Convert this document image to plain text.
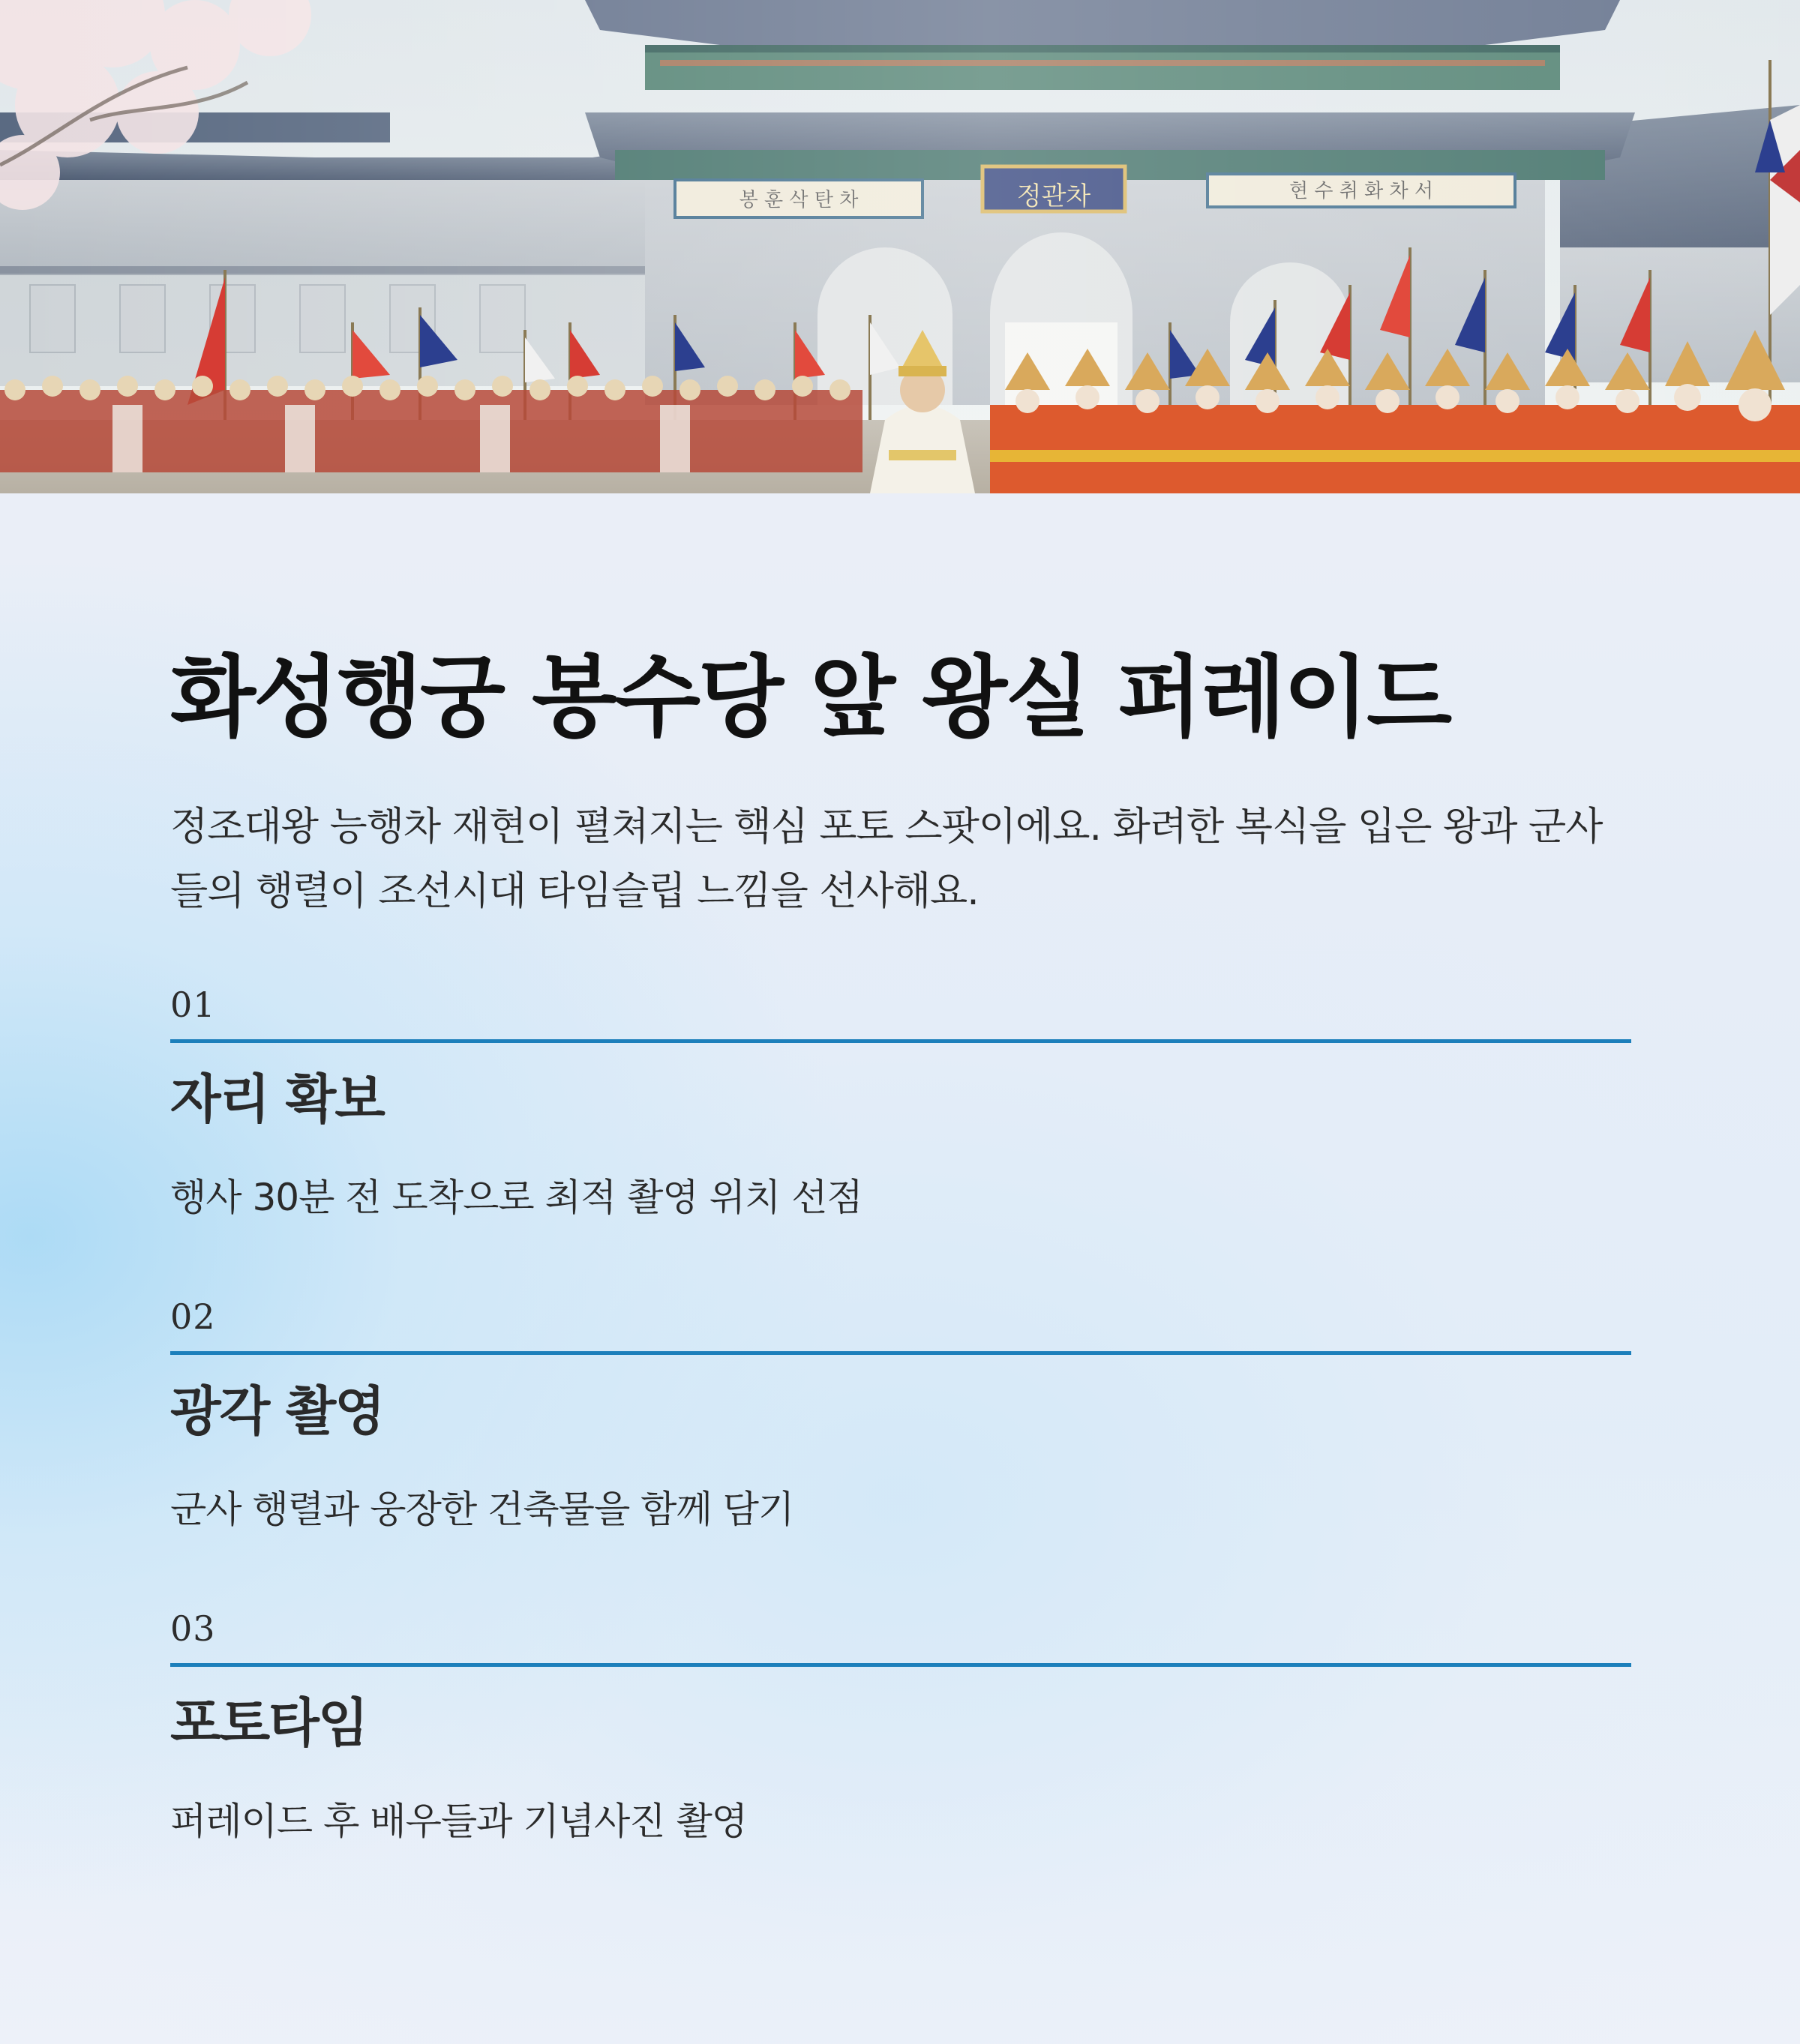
화성행궁 봉수당 앞 왕실 퍼레이드

정조대왕 능행차 재현이 펼쳐지는 핵심 포토 스팟이에요. 화려한 복식을 입은 왕과 군사들의 행렬이 조선시대 타임슬립 느낌을 선사해요.

01
자리 확보
행사 30분 전 도착으로 최적 촬영 위치 선점
02
광각 촬영
군사 행렬과 웅장한 건축물을 함께 담기
03
포토타임
퍼레이드 후 배우들과 기념사진 촬영
